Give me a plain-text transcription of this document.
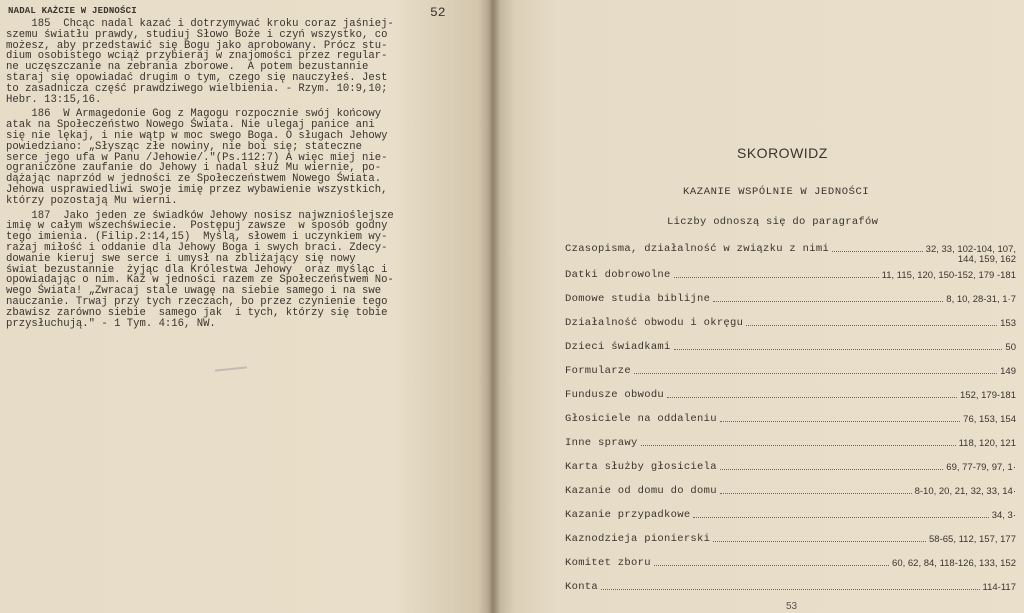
NADAL KAŻCIE W JEDNOŚCI	52

185  Chcąc nadal kazać i dotrzymywać kroku coraz jaśniej-
szemu światłu prawdy, studiuj Słowo Boże i czyń wszystko, co
możesz, aby przedstawić się Bogu jako aprobowany. Prócz stu-
dium osobistego wciąż przybieraj w znajomości przez regular-
ne uczęszczanie na zebrania zborowe.  A potem bezustannie
staraj się opowiadać drugim o tym, czego się nauczyłeś. Jest
to zasadnicza część prawdziwego wielbienia. - Rzym. 10:9,10;
Hebr. 13:15,16.

186  W Armagedonie Gog z Magogu rozpocznie swój końcowy
atak na Społeczeństwo Nowego Świata. Nie ulegaj panice ani
się nie lękaj, i nie wątp w moc swego Boga. O sługach Jehowy
powiedziano: „Słysząc złe nowiny, nie boi się; stateczne
serce jego ufa w Panu /Jehowie/."(Ps.112:7) A więc miej nie-
ograniczone zaufanie do Jehowy i nadal służ Mu wiernie, po-
dążając naprzód w jedności ze Społeczeństwem Nowego Świata.
Jehowa usprawiedliwi swoje imię przez wybawienie wszystkich,
którzy pozostają Mu wierni.

187  Jako jeden ze świadków Jehowy nosisz najwznioślejsze
imię w całym wszechświecie.  Postępuj zawsze  w sposób godny
tego imienia. (Filip.2:14,15)  Myślą, słowem i uczynkiem wy-
rażaj miłość i oddanie dla Jehowy Boga i swych braci. Zdecy-
dowanie kieruj swe serce i umysł na zbliżający się nowy
świat bezustannie  żyjąc dla Królestwa Jehowy  oraz myśląc i
opowiadając o nim. Kaź w jedności razem ze Społeczeństwem No-
wego Świata! „Zwracaj stale uwagę na siebie samego i na swe
nauczanie. Trwaj przy tych rzeczach, bo przez czynienie tego
zbawisz zarówno siebie  samego jak  i tych, którzy się tobie
przysłuchują." - 1 Tym. 4:16, NW.

SKOROWIDZ
KAZANIE WSPÓLNIE W JEDNOŚCI
Liczby odnoszą się do paragrafów
Czasopisma, działalność w związku z nimi	32, 33, 102-104, 107,
144, 159, 162
Datki dobrowolne	11, 115, 120, 150-152, 179 -181
Domowe studia biblijne	8, 10, 28-31, 1·7
Działalność obwodu i okręgu	153
Dzieci świadkami	50
Formularze	149
Fundusze obwodu	152, 179-181
Głosiciele na oddaleniu	76, 153, 154
Inne sprawy	118, 120, 121
Karta służby głosiciela	69, 77-79, 97, 1·
Kazanie od domu do domu	8-10, 20, 21, 32, 33, 14·
Kazanie przypadkowe	34, 3·
Kaznodzieja pionierski	58-65, 112, 157, 177
Komitet zboru	60, 62, 84, 118-126, 133, 152
Konta	114-117
53
